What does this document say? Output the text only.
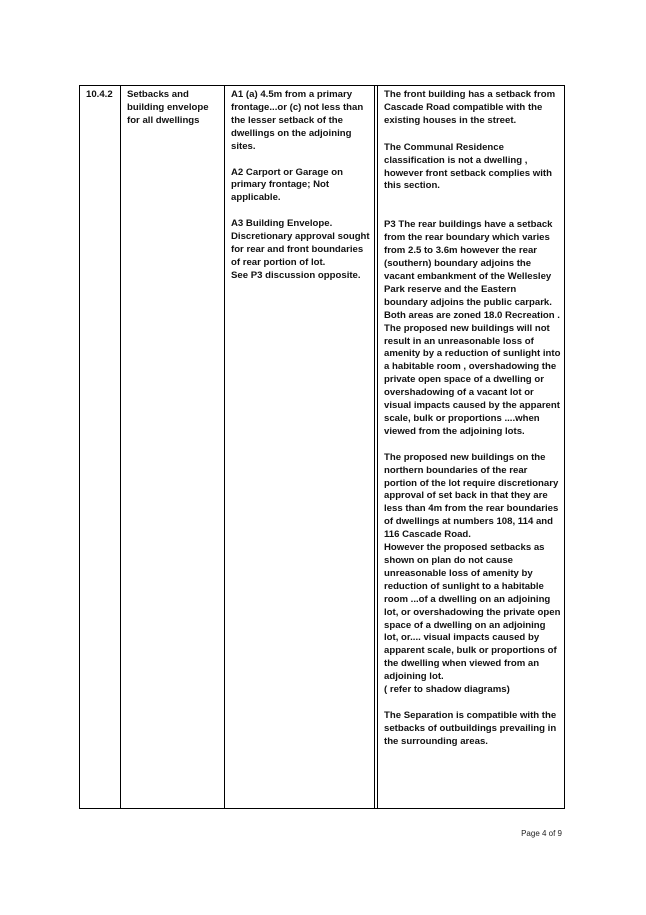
10.4.2	Setbacks and building envelope for all dwellings

A1 (a) 4.5m from a primary frontage...or (c) not less than the lesser setback of the dwellings on the adjoining sites.

A2 Carport or Garage on primary frontage; Not applicable.

A3 Building Envelope. Discretionary approval sought for rear and front boundaries of rear portion of lot.
See P3 discussion opposite.

The front building has a setback from Cascade Road compatible with the existing houses in the street.

The Communal Residence classification is not a dwelling , however front setback complies with this section.

P3 The rear buildings have a setback from the rear boundary which varies from 2.5 to 3.6m however the rear (southern) boundary adjoins the vacant embankment of the Wellesley Park reserve and the Eastern boundary adjoins the public carpark. Both areas are zoned 18.0 Recreation .
The proposed new buildings will not result in an unreasonable loss of amenity by a reduction of sunlight into a habitable room , overshadowing the private open space of a dwelling or overshadowing of a vacant lot or visual impacts caused by the apparent scale, bulk or proportions ....when viewed from the adjoining lots.

The proposed new buildings on the northern boundaries of the rear portion of the lot require discretionary approval of set back in that they are less than 4m from the rear boundaries of dwellings at numbers 108, 114 and 116 Cascade Road.
However the proposed setbacks as shown on plan do not cause unreasonable loss of amenity by reduction of sunlight to a habitable room ...of a dwelling on an adjoining lot, or overshadowing the private open space of a dwelling on an adjoining lot, or.... visual impacts caused by apparent scale, bulk or proportions of the dwelling when viewed from an adjoining lot.
( refer to shadow diagrams)

The Separation is compatible with the setbacks of outbuildings prevailing in the surrounding areas.

Page 4 of 9
